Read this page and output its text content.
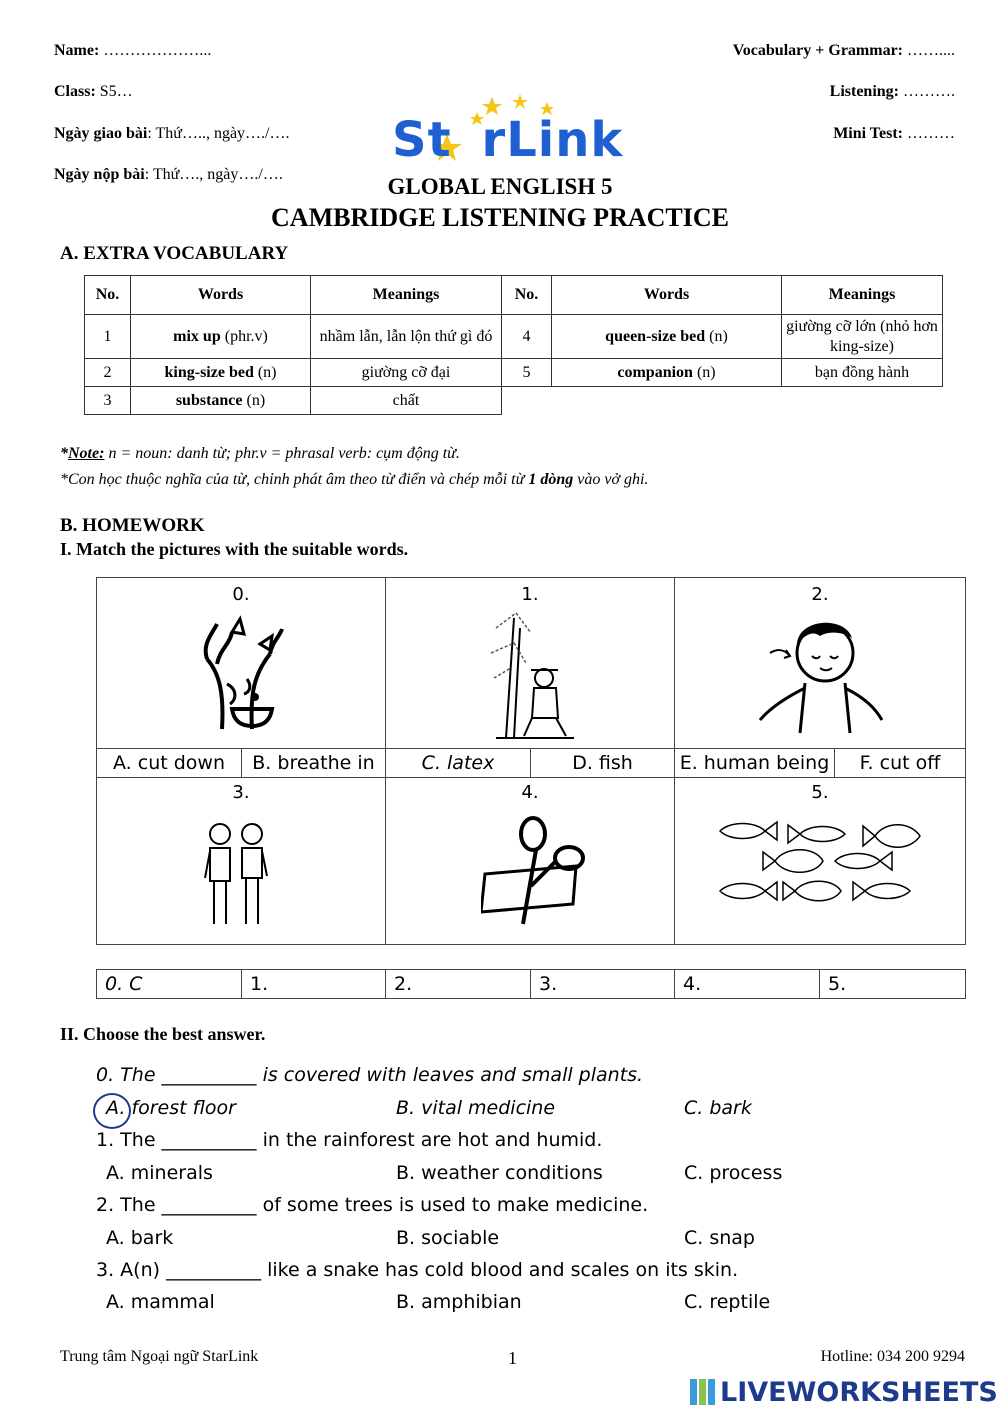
Name: ………………...
Class: S5…
Ngày giao bài: Thứ….., ngày…./….
Ngày nộp bài: Thứ…., ngày…./….
Vocabulary + Grammar: ……....
Listening: ……….
Mini Test: ………
St rLink
GLOBAL ENGLISH 5
CAMBRIDGE LISTENING PRACTICE
A. EXTRA VOCABULARY
No.	Words	Meanings	No.	Words	Meanings
1	mix up (phr.v)	nhầm lẫn, lẫn lộn thứ gì đó	4	queen-size bed (n)	giường cỡ lớn (nhỏ hơn king-size)
2	king-size bed (n)	giường cỡ đại	5	companion (n)	bạn đồng hành
3	substance (n)	chất			
*Note: n = noun: danh từ; phr.v = phrasal verb: cụm động từ.
*Con học thuộc nghĩa của từ, chỉnh phát âm theo từ điển và chép mỗi từ 1 dòng vào vở ghi.
B. HOMEWORK
I. Match the pictures with the suitable words.
0.	1.	2.
A. cut down	B. breathe in	C. latex	D. fish	E. human being	F. cut off
3.	4.	5.
0. C	1.	2.	3.	4.	5.
II. Choose the best answer.
0. The __________ is covered with leaves and small plants.
A. forest floor	B. vital medicine	C. bark
1. The __________ in the rainforest are hot and humid.
A. minerals	B. weather conditions	C. process
2. The __________ of some trees is used to make medicine.
A. bark	B. sociable	C. snap
3. A(n) __________ like a snake has cold blood and scales on its skin.
A. mammal	B. amphibian	C. reptile
Trung tâm Ngoại ngữ StarLink	1	Hotline: 034 200 9294
LIVEWORKSHEETS
